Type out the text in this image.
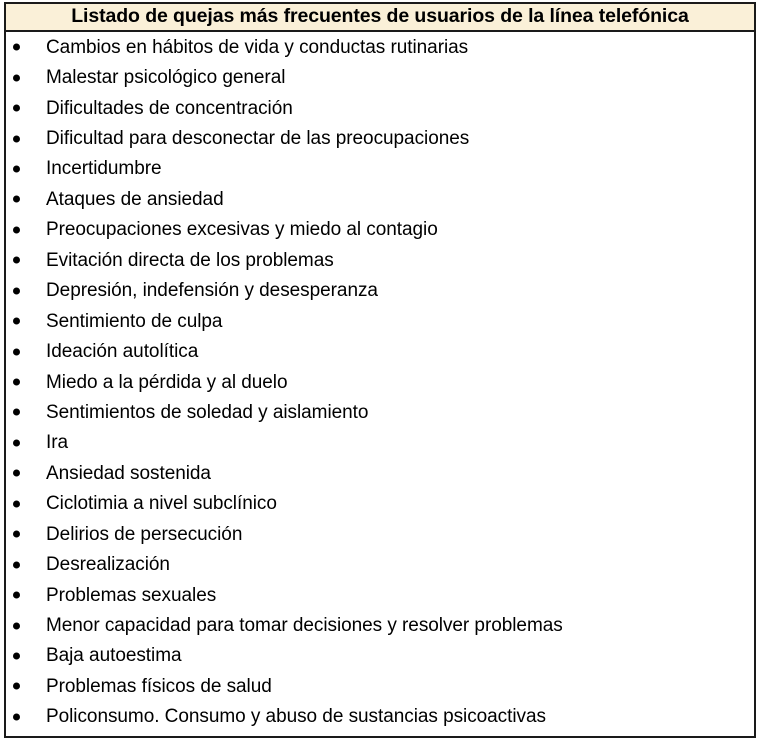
Listado de quejas más frecuentes de usuarios de la línea telefónica
Cambios en hábitos de vida y conductas rutinarias
Malestar psicológico general
Dificultades de concentración
Dificultad para desconectar de las preocupaciones
Incertidumbre
Ataques de ansiedad
Preocupaciones excesivas y miedo al contagio
Evitación directa de los problemas
Depresión, indefensión y desesperanza
Sentimiento de culpa
Ideación autolítica
Miedo a la pérdida y al duelo
Sentimientos de soledad y aislamiento
Ira
Ansiedad sostenida
Ciclotimia a nivel subclínico
Delirios de persecución
Desrealización
Problemas sexuales
Menor capacidad para tomar decisiones y resolver problemas
Baja autoestima
Problemas físicos de salud
Policonsumo. Consumo y abuso de sustancias psicoactivas
